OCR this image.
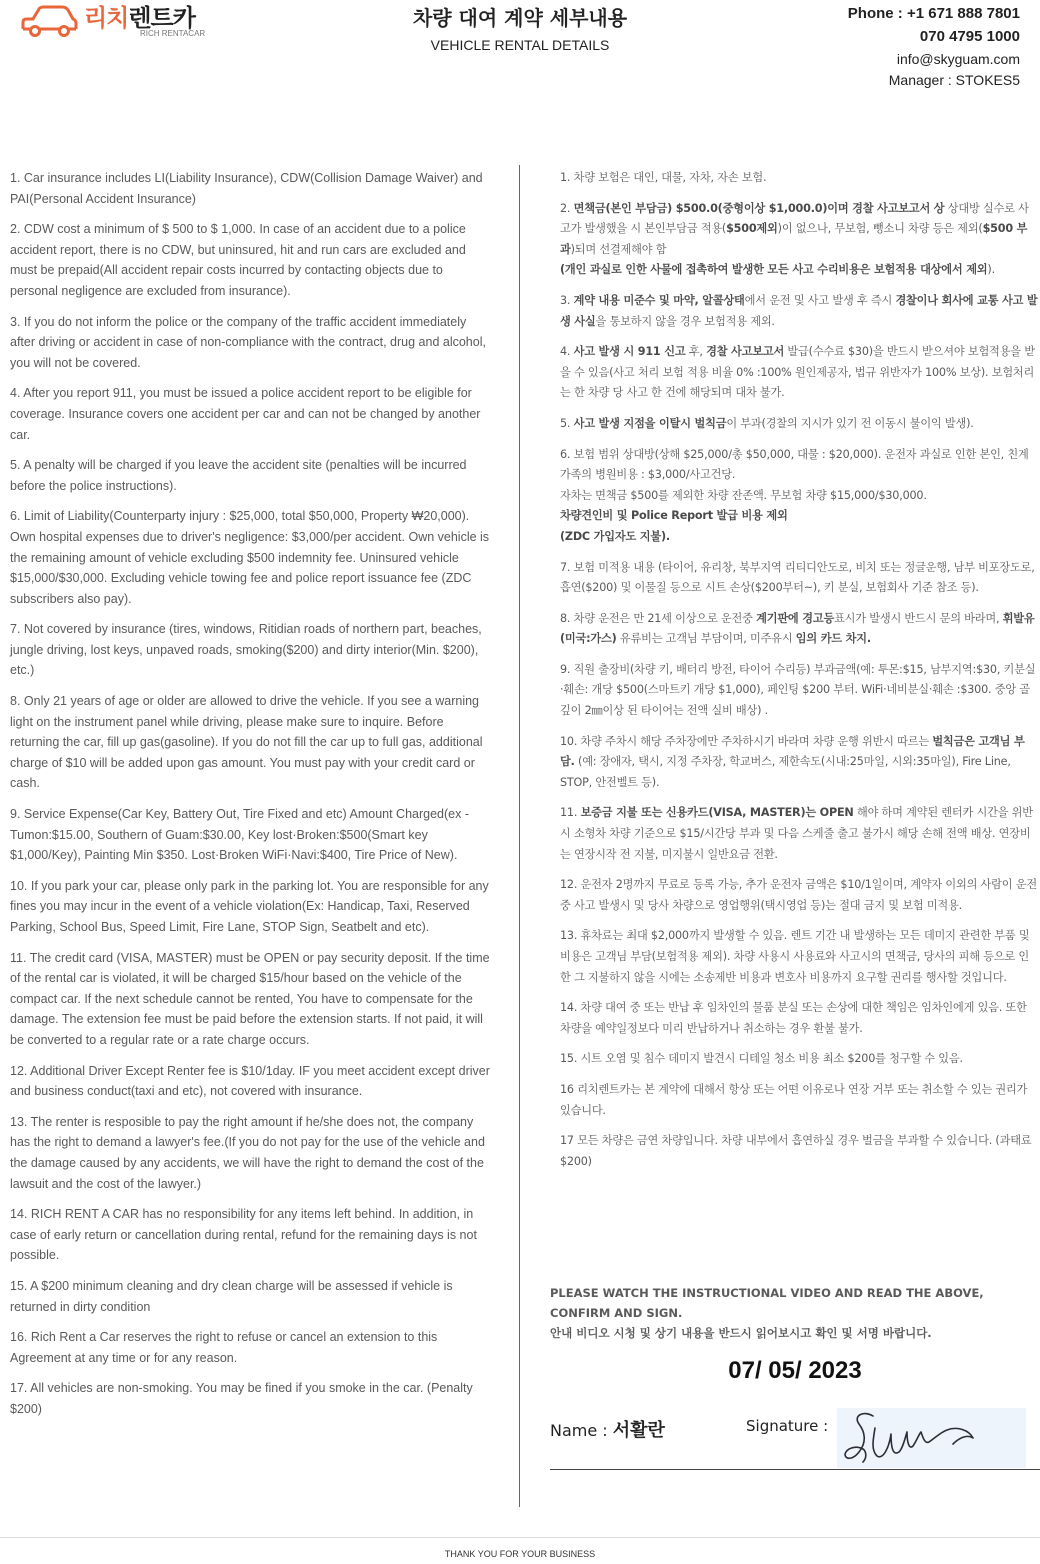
리치렌트카
RICH RENTACAR
차량 대여 계약 세부내용
VEHICLE RENTAL DETAILS
Phone : +1 671 888 7801
070 4795 1000
info@skyguam.com
Manager : STOKES5

1. Car insurance includes LI(Liability Insurance), CDW(Collision Damage Waiver) and PAI(Personal Accident Insurance)

2. CDW cost a minimum of $ 500 to $ 1,000. In case of an accident due to a police accident report, there is no CDW, but uninsured, hit and run cars are excluded and must be prepaid(All accident repair costs incurred by contacting objects due to personal negligence are excluded from insurance).

3. If you do not inform the police or the company of the traffic accident immediately after driving or accident in case of non-compliance with the contract, drug and alcohol, you will not be covered.

4. After you report 911, you must be issued a police accident report to be eligible for coverage. Insurance covers one accident per car and can not be changed by another car.

5. A penalty will be charged if you leave the accident site (penalties will be incurred before the police instructions).

6. Limit of Liability(Counterparty injury : $25,000, total $50,000, Property ₩20,000). Own hospital expenses due to driver's negligence: $3,000/per accident. Own vehicle is the remaining amount of vehicle excluding $500 indemnity fee. Uninsured vehicle $15,000/$30,000. Excluding vehicle towing fee and police report issuance fee (ZDC subscribers also pay).

7. Not covered by insurance (tires, windows, Ritidian roads of northern part, beaches, jungle driving, lost keys, unpaved roads, smoking($200) and dirty interior(Min. $200), etc.)

8. Only 21 years of age or older are allowed to drive the vehicle. If you see a warning light on the instrument panel while driving, please make sure to inquire. Before returning the car, fill up gas(gasoline). If you do not fill the car up to full gas, additional charge of $10 will be added upon gas amount. You must pay with your credit card or cash.

9. Service Expense(Car Key, Battery Out, Tire Fixed and etc) Amount Charged(ex - Tumon:$15.00, Southern of Guam:$30.00, Key lost·Broken:$500(Smart key $1,000/Key), Painting Min $350. Lost·Broken WiFi·Navi:$400, Tire Price of New).

10. If you park your car, please only park in the parking lot. You are responsible for any fines you may incur in the event of a vehicle violation(Ex: Handicap, Taxi, Reserved Parking, School Bus, Speed Limit, Fire Lane, STOP Sign, Seatbelt and etc).

11. The credit card (VISA, MASTER) must be OPEN or pay security deposit. If the time of the rental car is violated, it will be charged $15/hour based on the vehicle of the compact car. If the next schedule cannot be rented, You have to compensate for the damage. The extension fee must be paid before the extension starts. If not paid, it will be converted to a regular rate or a rate charge occurs.

12. Additional Driver Except Renter fee is $10/1day. IF you meet accident except driver and business conduct(taxi and etc), not covered with insurance.

13. The renter is resposible to pay the right amount if he/she does not, the company has the right to demand a lawyer's fee.(If you do not pay for the use of the vehicle and the damage caused by any accidents, we will have the right to demand the cost of the lawsuit and the cost of the lawyer.)

14. RICH RENT A CAR has no responsibility for any items left behind. In addition, in case of early return or cancellation during rental, refund for the remaining days is not possible.

15. A $200 minimum cleaning and dry clean charge will be assessed if vehicle is returned in dirty condition

16. Rich Rent a Car reserves the right to refuse or cancel an extension to this Agreement at any time or for any reason.

17. All vehicles are non-smoking. You may be fined if you smoke in the car. (Penalty $200)

1. 차량 보험은 대인, 대물, 자차, 자손 보험.

2. 면책금(본인 부담금) $500.0(중형이상 $1,000.0)이며 경찰 사고보고서 상 상대방 실수로 사고가 발생했을 시 본인부담금 적용($500제외)이 없으나, 무보험, 뺑소니 차량 등은 제외($500 부과)되며 선결제해야 함
(개인 과실로 인한 사물에 접촉하여 발생한 모든 사고 수리비용은 보험적용 대상에서 제외).

3. 계약 내용 미준수 및 마약, 알콜상태에서 운전 및 사고 발생 후 즉시 경찰이나 회사에 교통 사고 발생 사실을 통보하지 않을 경우 보험적용 제외.

4. 사고 발생 시 911 신고 후, 경찰 사고보고서 발급(수수료 $30)을 반드시 받으셔야 보험적용을 받을 수 있음(사고 처리 보험 적용 비율 0% :100% 원인제공자, 법규 위반자가 100% 보상). 보험처리는 한 차량 당 사고 한 건에 해당되며 대차 불가.

5. 사고 발생 지점을 이탈시 벌칙금이 부과(경찰의 지시가 있기 전 이동시 불이익 발생).

6. 보험 범위 상대방(상해 $25,000/총 $50,000, 대물 : $20,000). 운전자 과실로 인한 본인, 친계 가족의 병원비용 : $3,000/사고건당.
자차는 면책금 $500를 제외한 차량 잔존액. 무보험 차량 $15,000/$30,000.
차량견인비 및 Police Report 발급 비용 제외
(ZDC 가입자도 지불).

7. 보험 미적용 내용 (타이어, 유리창, 북부지역 리티디안도로, 비치 또는 정글운행, 남부 비포장도로, 흡연($200) 및 이물질 등으로 시트 손상($200부터~), 키 분실, 보험회사 기준 참조 등).

8. 차량 운전은 만 21세 이상으로 운전중 계기판에 경고등표시가 발생시 반드시 문의 바라며, 휘발유(미국:가스) 유류비는 고객님 부담이며, 미주유시 임의 카드 차지.

9. 직원 출장비(차량 키, 배터리 방전, 타이어 수리등) 부과금액(예: 투몬:$15, 남부지역:$30, 키분실·훼손: 개당 $500(스마트키 개당 $1,000), 페인팅 $200 부터. WiFi·네비분실·훼손 :$300. 중앙 골 깊이 2㎜이상 된 타이어는 전액 실비 배상) .

10. 차량 주차시 해당 주차장에만 주차하시기 바라며 차량 운행 위반시 따르는 벌칙금은 고객님 부담. (예: 장애자, 택시, 지정 주차장, 학교버스, 제한속도(시내:25마일, 시외:35마일), Fire Line, STOP, 안전벨트 등).

11. 보증금 지불 또는 신용카드(VISA, MASTER)는 OPEN 해야 하며 계약된 렌터카 시간을 위반시 소형차 차량 기준으로 $15/시간당 부과 및 다음 스케줄 출고 불가시 해당 손해 전액 배상. 연장비는 연장시작 전 지불, 미지불시 일반요금 전환.

12. 운전자 2명까지 무료로 등록 가능, 추가 운전자 금액은 $10/1일이며, 계약자 이외의 사람이 운전중 사고 발생시 및 당사 차량으로 영업행위(택시영업 등)는 절대 금지 및 보험 미적용.

13. 휴차료는 최대 $2,000까지 발생할 수 있음. 렌트 기간 내 발생하는 모든 데미지 관련한 부품 및 비용은 고객님 부담(보험적용 제외). 차량 사용시 사용료와 사고시의 면책금, 당사의 피해 등으로 인한 그 지불하지 않을 시에는 소송제반 비용과 변호사 비용까지 요구할 권리를 행사할 것입니다.

14. 차량 대여 중 또는 반납 후 임차인의 물품 분실 또는 손상에 대한 책임은 임차인에게 있음. 또한 차량을 예약일정보다 미리 반납하거나 취소하는 경우 환불 불가.

15. 시트 오염 및 침수 데미지 발견시 디테일 청소 비용 최소 $200를 청구할 수 있음.

16 리치렌트카는 본 계약에 대해서 항상 또는 어떤 이유로나 연장 거부 또는 취소할 수 있는 권리가 있습니다.

17 모든 차량은 금연 차량입니다. 차량 내부에서 흡연하실 경우 벌금을 부과할 수 있습니다. (과태료 $200)

PLEASE WATCH THE INSTRUCTIONAL VIDEO AND READ THE ABOVE,
CONFIRM AND SIGN.
안내 비디오 시청 및 상기 내용을 반드시 읽어보시고 확인 및 서명 바랍니다.
07/ 05/ 2023
Name : 서활란	Signature :
THANK YOU FOR YOUR BUSINESS
